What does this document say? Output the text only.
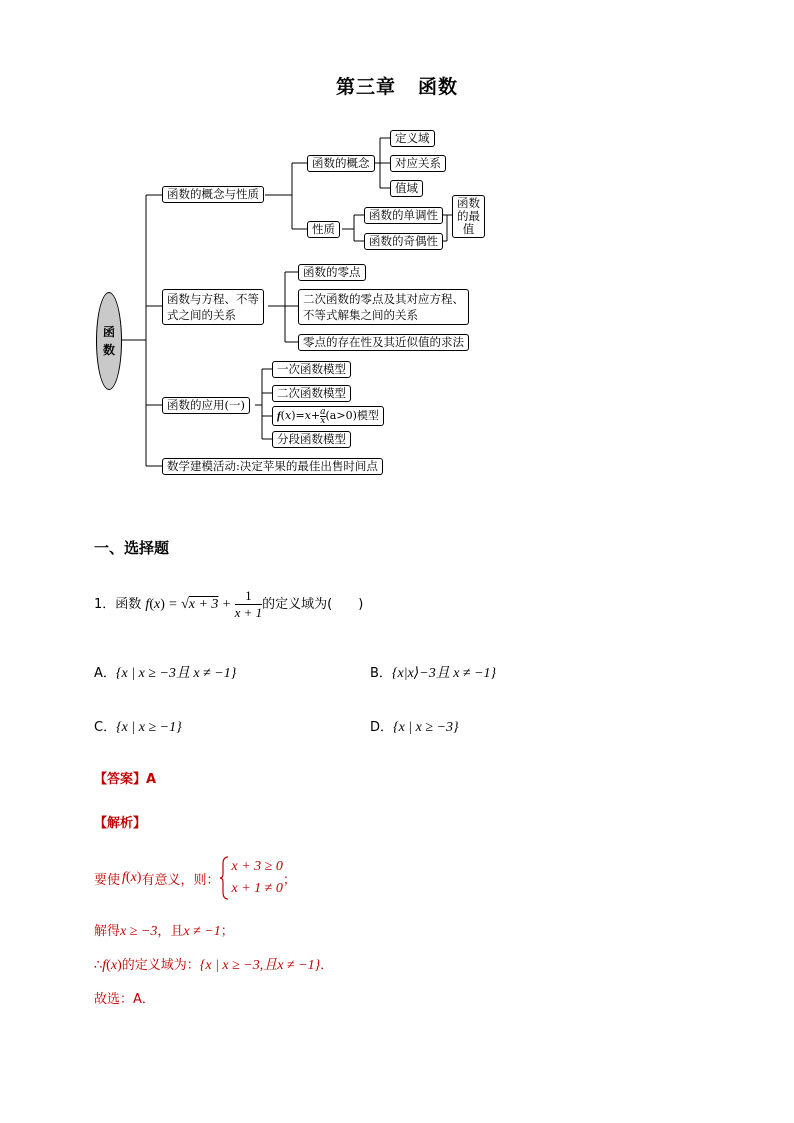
第三章 函数
函
数
函数的概念与性质
函数的概念
定义域
对应关系
值域
性质
函数的单调性
函数的奇偶性
函数
的最
值
函数与方程、不等
式之间的关系
函数的零点
二次函数的零点及其对应方程、
不等式解集之间的关系
零点的存在性及其近似值的求法
函数的应用(一)
一次函数模型
二次函数模型
$f(x)=x+ \frac{a}{x} (a>0)$模型
分段函数模型
数学建模活动:决定苹果的最佳出售时间点
一、选择题
1．函数 $f(x) = √x + 3 + \frac{1}{x + 1}$ 的定义域为(　　)
A．{x | x ≥ −3且 x ≠ −1}	B．{x|x⟩−3且 x ≠ −1}
C．{x | x ≥ −1}	D．{x | x ≥ −3}
【答案】A
【解析】
要使 f ( x ) 有意义，则：
x + 3 ≥ 0
x + 1 ≠ 0
；
解得x ≥ −3，且x ≠ −1；
∴f(x)的定义域为：{x | x ≥ −3,且x ≠ −1}．
故选：A．
